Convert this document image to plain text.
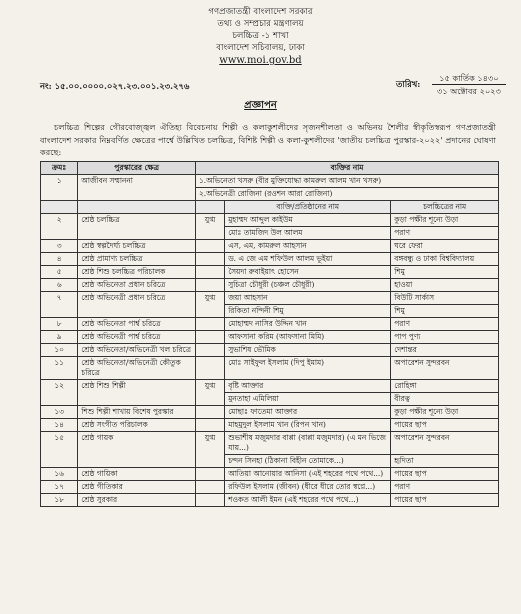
গণপ্রজাতন্ত্রী বাংলাদেশ সরকার
তথ্য ও সম্প্রচার মন্ত্রণালয়
চলচ্চিত্র -১ শাখা
বাংলাদেশ সচিবালয়, ঢাকা
www.moi.gov.bd
নং: ১৫.০০.০০০০.০২৭.২৩.০০১.২৩.২৭৬	তারিখ:
১৫ কার্তিক ১৪৩০
৩১ অক্টোবর ২০২৩
প্রজ্ঞাপন
চলচ্চিত্র শিল্পের গৌরবোজ্জ্বল ঐতিহ্য বিবেচনায় শিল্পী ও কলাকুশলীদের সৃজনশীলতা ও অভিনয় শৈলীর স্বীকৃতিস্বরূপ গণপ্রজাতন্ত্রী বাংলাদেশ সরকার নিম্নবর্ণিত ক্ষেত্রের পার্শ্বে উল্লিখিত চলচ্চিত্র, বিশিষ্ট শিল্পী ও কলা-কুশলীদের 'জাতীয় চলচ্চিত্র পুরস্কার-২০২২' প্রদানের ঘোষণা করছে:
ক্রমঃ	পুরস্কারের ক্ষেত্র	ব্যক্তির নাম		
১	আজীবন সম্মাননা	১.অভিনেতা খসরু (বীর মুক্তিযোদ্ধা কামরুল আলম খান খসরু)		
		২.অভিনেত্রী রোজিনা (রওশন আরা রোজিনা)		
			ব্যক্তি/প্রতিষ্ঠানের নাম	চলচ্চিত্রের নাম
২	শ্রেষ্ঠ চলচ্চিত্র	যুগ্ম	মুহাম্মদ আব্দুল কাইউম	কুড়া পক্ষীর শূন্যে উড়া
			মোঃ তামজিদ উল আলম	পরাণ
৩	শ্রেষ্ঠ স্বল্পদৈর্ঘ্য চলচ্চিত্র		এস, এম, কামরুল আহসান	ঘরে ফেরা
৪	শ্রেষ্ঠ প্রামাণ্য চলচ্চিত্র		ড. এ জে এম শফিউল আলম ভূইয়া	বঙ্গবন্ধু ও ঢাকা বিশ্ববিদ্যালয়
৫	শ্রেষ্ঠ শিশু চলচ্চিত্র পরিচালক		সৈয়দা রুবাইয়াৎ হোসেন	শিমু
৬	শ্রেষ্ঠ অভিনেতা প্রধান চরিত্রে		সুচিত্রা চৌধুরী (চঞ্চল চৌধুরী)	হাওয়া
৭	শ্রেষ্ঠ অভিনেত্রী প্রধান চরিত্রে	যুগ্ম	জয়া আহসান	বিউটি সার্কাস
			রিকিতা নন্দিনী শিমু	শিমু
৮	শ্রেষ্ঠ অভিনেতা পার্শ্ব চরিত্রে		মোহাম্মদ নাসির উদ্দিন খান	পরাণ
৯	শ্রেষ্ঠ অভিনেত্রী পার্শ্ব চরিত্রে		আফসানা করিম (আফসানা মিমি)	পাপ পুণ্য
১০	শ্রেষ্ঠ অভিনেতা/অভিনেত্রী খল চরিত্রে		সুভাশিষ ভৌমিক	দেশান্তর
১১	শ্রেষ্ঠ অভিনেতা/অভিনেত্রী কৌতুক চরিত্রে		মোঃ সাইফুল ইসলাম (দিপু ইমাম)	অপারেশন সুন্দরবন
১২	শ্রেষ্ঠ শিশু শিল্পী	যুগ্ম	বৃষ্টি আক্তার	রোহিঙ্গা
			মুনতাহা এমিলিয়া	বীরত্ব
১৩	শিশু শিল্পী শাখায় বিশেষ পুরস্কার		মোছাঃ ফাতেমা আক্তার	কুড়া পক্ষীর শূন্যে উড়া
১৪	শ্রেষ্ঠ সংগীত পরিচালক		মাহমুদুল ইসলাম খান (রিপন খান)	পায়ের ছাপ
১৫	শ্রেষ্ঠ গায়ক	যুগ্ম	শুভাশীষ মজুমদার বাপ্পা (বাপ্পা মজুমদার) (এ মন ভিজে যায়...)	অপারেশন সুন্দরবন
			চন্দন সিনহা (ঠিকানা বিহীন তোমাকে...)	হৃদিতা
১৬	শ্রেষ্ঠ গায়িকা		আতিয়া আনোয়ার আনিসা (এই শহরের পথে পথে...)	পায়ের ছাপ
১৭	শ্রেষ্ঠ গীতিকার		রফিউল ইসলাম (জীবন) (ধীরে ধীরে তোর স্বপ্নে...)	পরাণ
১৮	শ্রেষ্ঠ সুরকার		শওকত আলী ইমন (এই শহরের পথে পথে...)	পায়ের ছাপ
